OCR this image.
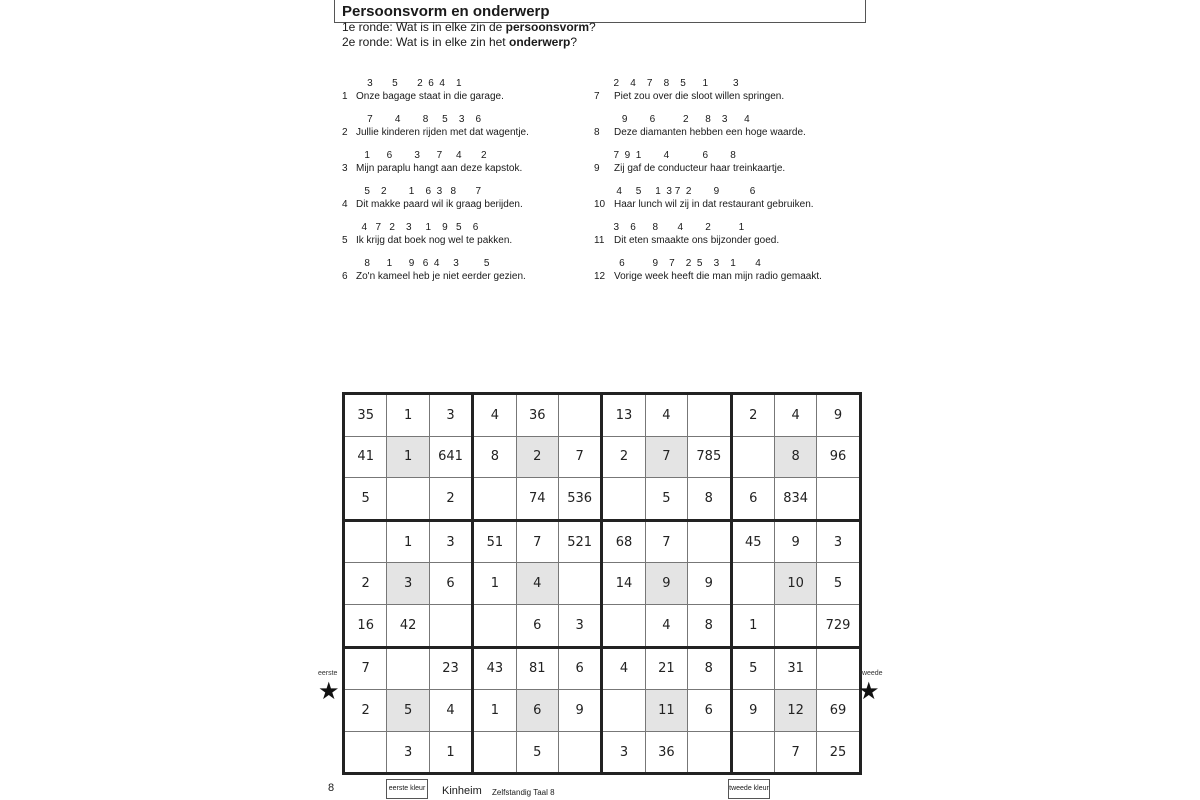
Persoonsvorm en onderwerp
1e ronde: Wat is in elke zin de persoonsvorm?
2e ronde: Wat is in elke zin het onderwerp?
3       5       2  6  4    1
1 Onze bagage staat in die garage.
7        4        8     5    3    6
2 Jullie kinderen rijden met dat wagentje.
1      6        3      7     4       2
3 Mijn paraplu hangt aan deze kapstok.
5    2        1    6  3   8       7
4 Dit makke paard wil ik graag berijden.
4   7   2    3     1    9   5    6
5 Ik krijg dat boek nog wel te pakken.
8      1      9   6  4     3         5
6 Zo'n kameel heb je niet eerder gezien.
2    4    7    8    5      1         3
7 Piet zou over die sloot willen springen.
9        6          2      8    3      4
8 Deze diamanten hebben een hoge waarde.
7  9  1        4            6        8
9 Zij gaf de conducteur haar treinkaartje.
4     5     1  3 7  2        9           6
10 Haar lunch wil zij in dat restaurant gebruiken.
3    6      8       4        2          1
11 Dit eten smaakte ons bijzonder goed.
6          9    7    2  5    3    1       4
12 Vorige week heeft die man mijn radio gemaakt.
35	1	3	4	36		13	4		2	4	9
41	1	641	8	2	7	2	7	785		8	96
5		2		74	536		5	8	6	834	
	1	3	51	7	521	68	7		45	9	3
2	3	6	1	4		14	9	9		10	5
16	42			6	3		4	8	1		729
7		23	43	81	6	4	21	8	5	31	
2	5	4	1	6	9		11	6	9	12	69
	3	1		5		3	36			7	25
eerste
★
tweede
★
8	eerste kleur Kinheim Zelfstandig Taal 8	tweede kleur
